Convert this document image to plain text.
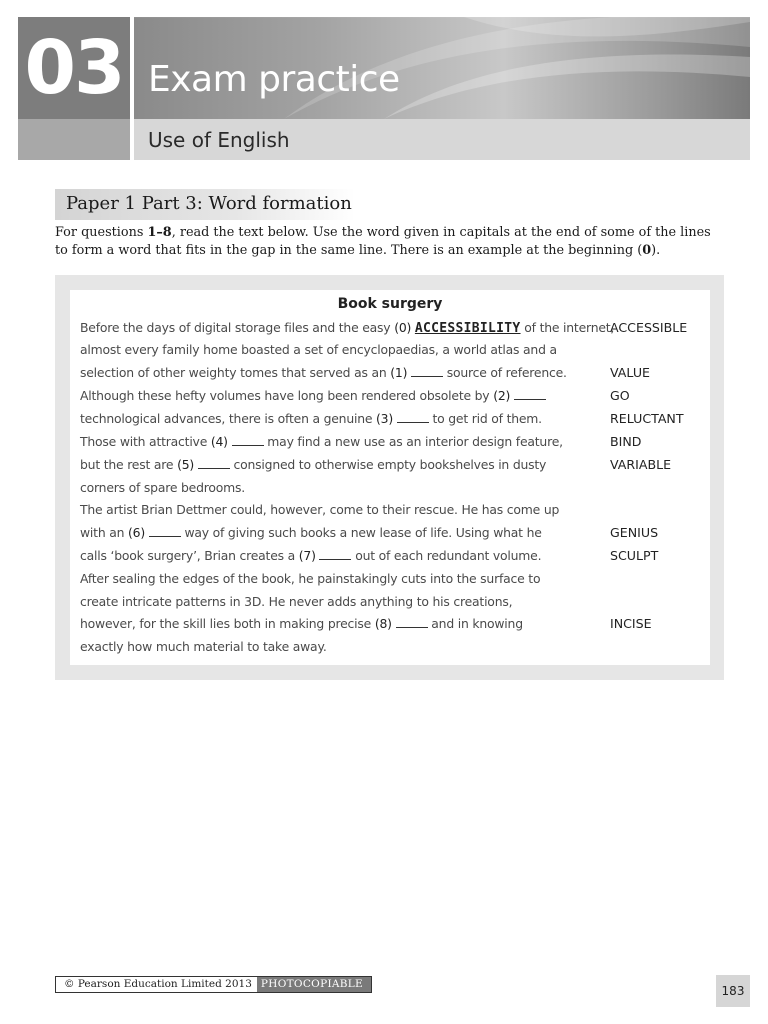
03 Exam practice
Use of English
Paper 1 Part 3: Word formation
For questions 1–8, read the text below. Use the word given in capitals at the end of some of the lines to form a word that fits in the gap in the same line. There is an example at the beginning (0).
Book surgery
Before the days of digital storage files and the easy (0) ACCESSIBILITY of the internet,
ACCESSIBLE
almost every family home boasted a set of encyclopaedias, a world atlas and a
selection of other weighty tomes that served as an (1)	source of reference.	VALUE
Although these hefty volumes have long been rendered obsolete by (2)	GO
technological advances, there is often a genuine (3)	to get rid of them.	RELUCTANT
Those with attractive (4)	may find a new use as an interior design feature,	BIND
but the rest are (5)	consigned to otherwise empty bookshelves in dusty	VARIABLE
corners of spare bedrooms.
The artist Brian Dettmer could, however, come to their rescue. He has come up
with an (6)	way of giving such books a new lease of life. Using what he	GENIUS
calls ‘book surgery’, Brian creates a (7)	out of each redundant volume.	SCULPT
After sealing the edges of the book, he painstakingly cuts into the surface to
create intricate patterns in 3D. He never adds anything to his creations,
however, for the skill lies both in making precise (8)	and in knowing	INCISE
exactly how much material to take away.
© Pearson Education Limited 2013 PHOTOCOPIABLE	183
